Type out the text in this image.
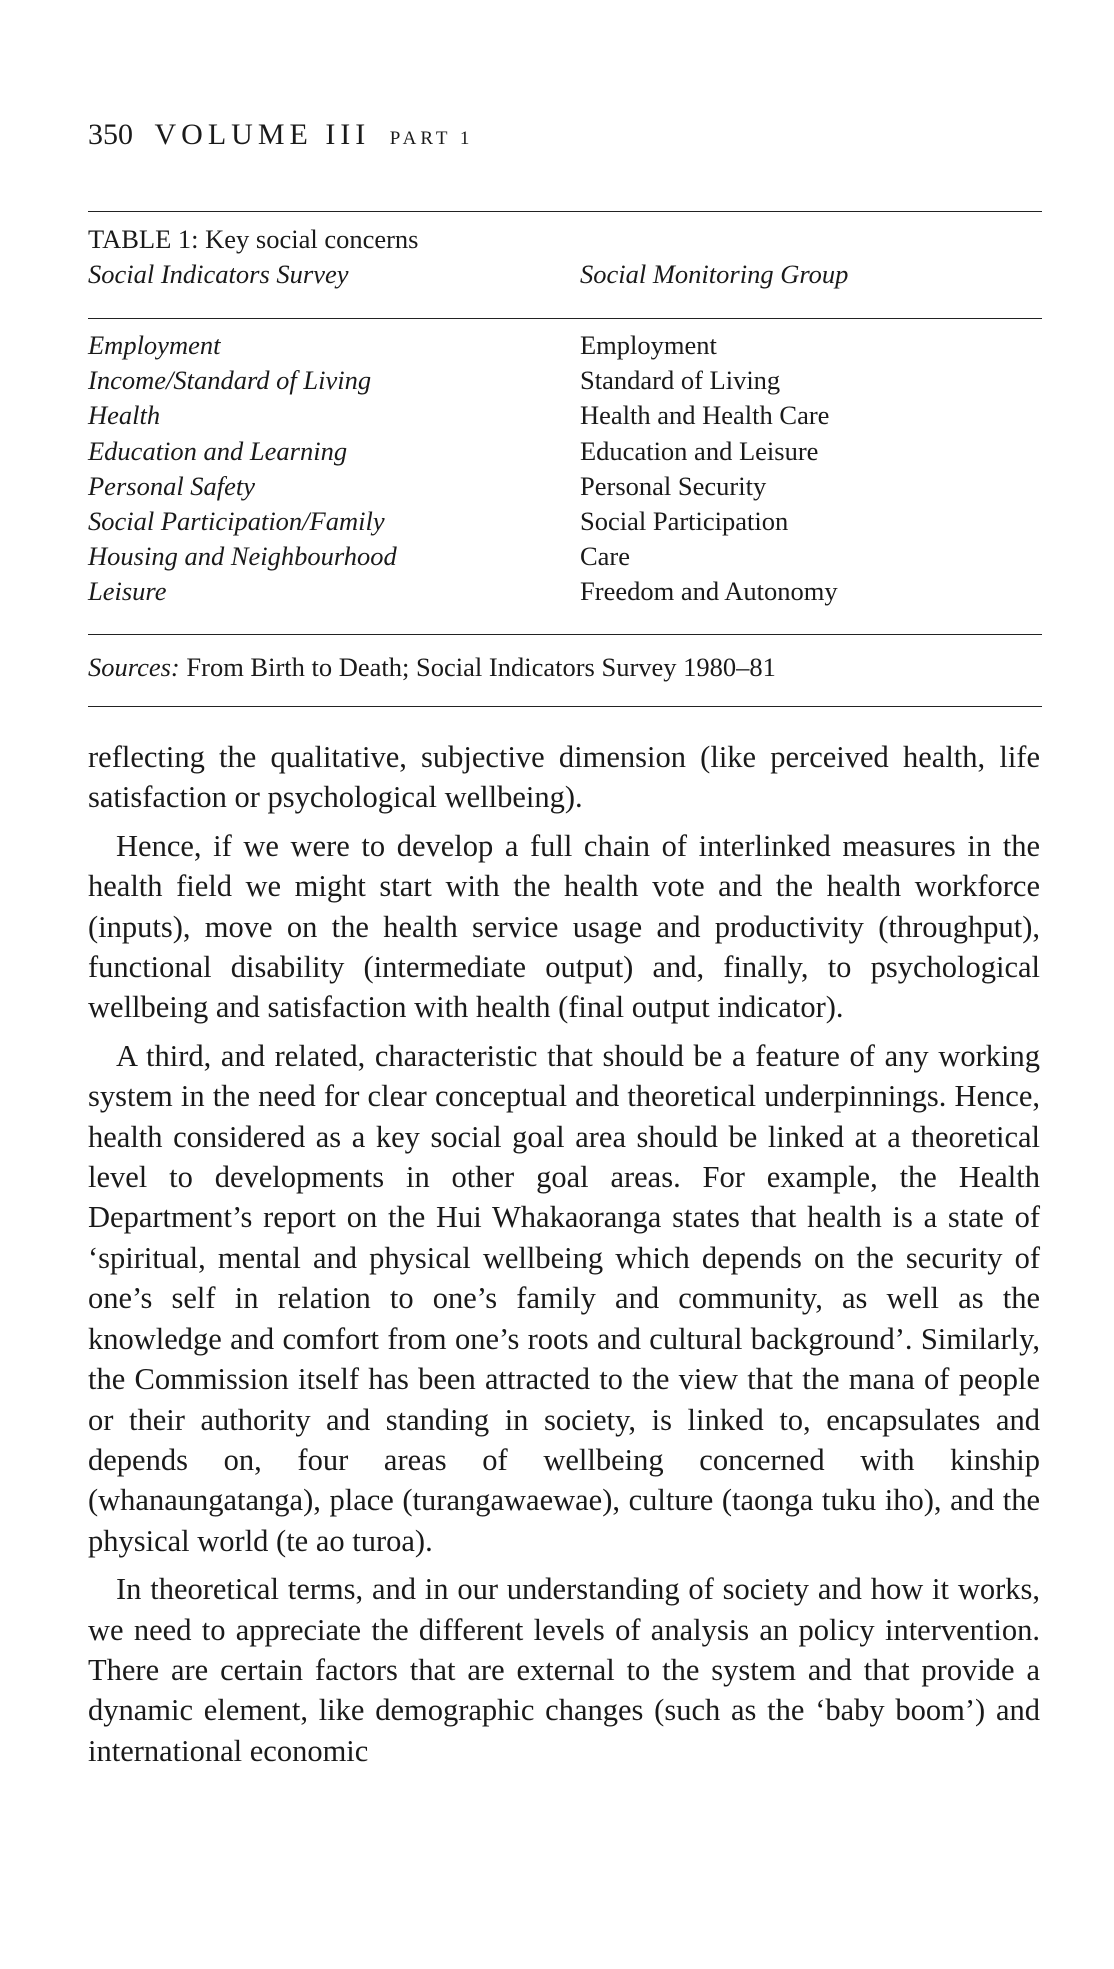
350 VOLUME III PART 1
TABLE 1: Key social concerns
Social Indicators Survey	Social Monitoring Group
Employment
Income/Standard of Living
Health
Education and Learning
Personal Safety
Social Participation/Family
Housing and Neighbourhood
Leisure
Employment
Standard of Living
Health and Health Care
Education and Leisure
Personal Security
Social Participation
Care
Freedom and Autonomy
Sources: From Birth to Death; Social Indicators Survey 1980–81

reflecting the qualitative, subjective dimension (like perceived health, life satisfaction or psychological wellbeing).

Hence, if we were to develop a full chain of interlinked measures in the health field we might start with the health vote and the health workforce (inputs), move on the health service usage and productivity (throughput), functional disability (intermediate output) and, finally, to psychological wellbeing and satisfaction with health (final output indicator).

A third, and related, characteristic that should be a feature of any working system in the need for clear conceptual and theoretical underpinnings. Hence, health considered as a key social goal area should be linked at a theoretical level to developments in other goal areas. For example, the Health Department’s report on the Hui Whakaoranga states that health is a state of ‘spiritual, mental and physical wellbeing which depends on the security of one’s self in relation to one’s family and community, as well as the knowledge and comfort from one’s roots and cultural background’. Similarly, the Commission itself has been attracted to the view that the mana of people or their authority and standing in society, is linked to, encapsulates and depends on, four areas of wellbeing concerned with kinship (whanaungatanga), place (turangawaewae), culture (taonga tuku iho), and the physical world (te ao turoa).

In theoretical terms, and in our understanding of society and how it works, we need to appreciate the different levels of analysis an policy intervention. There are certain factors that are external to the system and that provide a dynamic element, like demographic changes (such as the ‘baby boom’) and international economic
